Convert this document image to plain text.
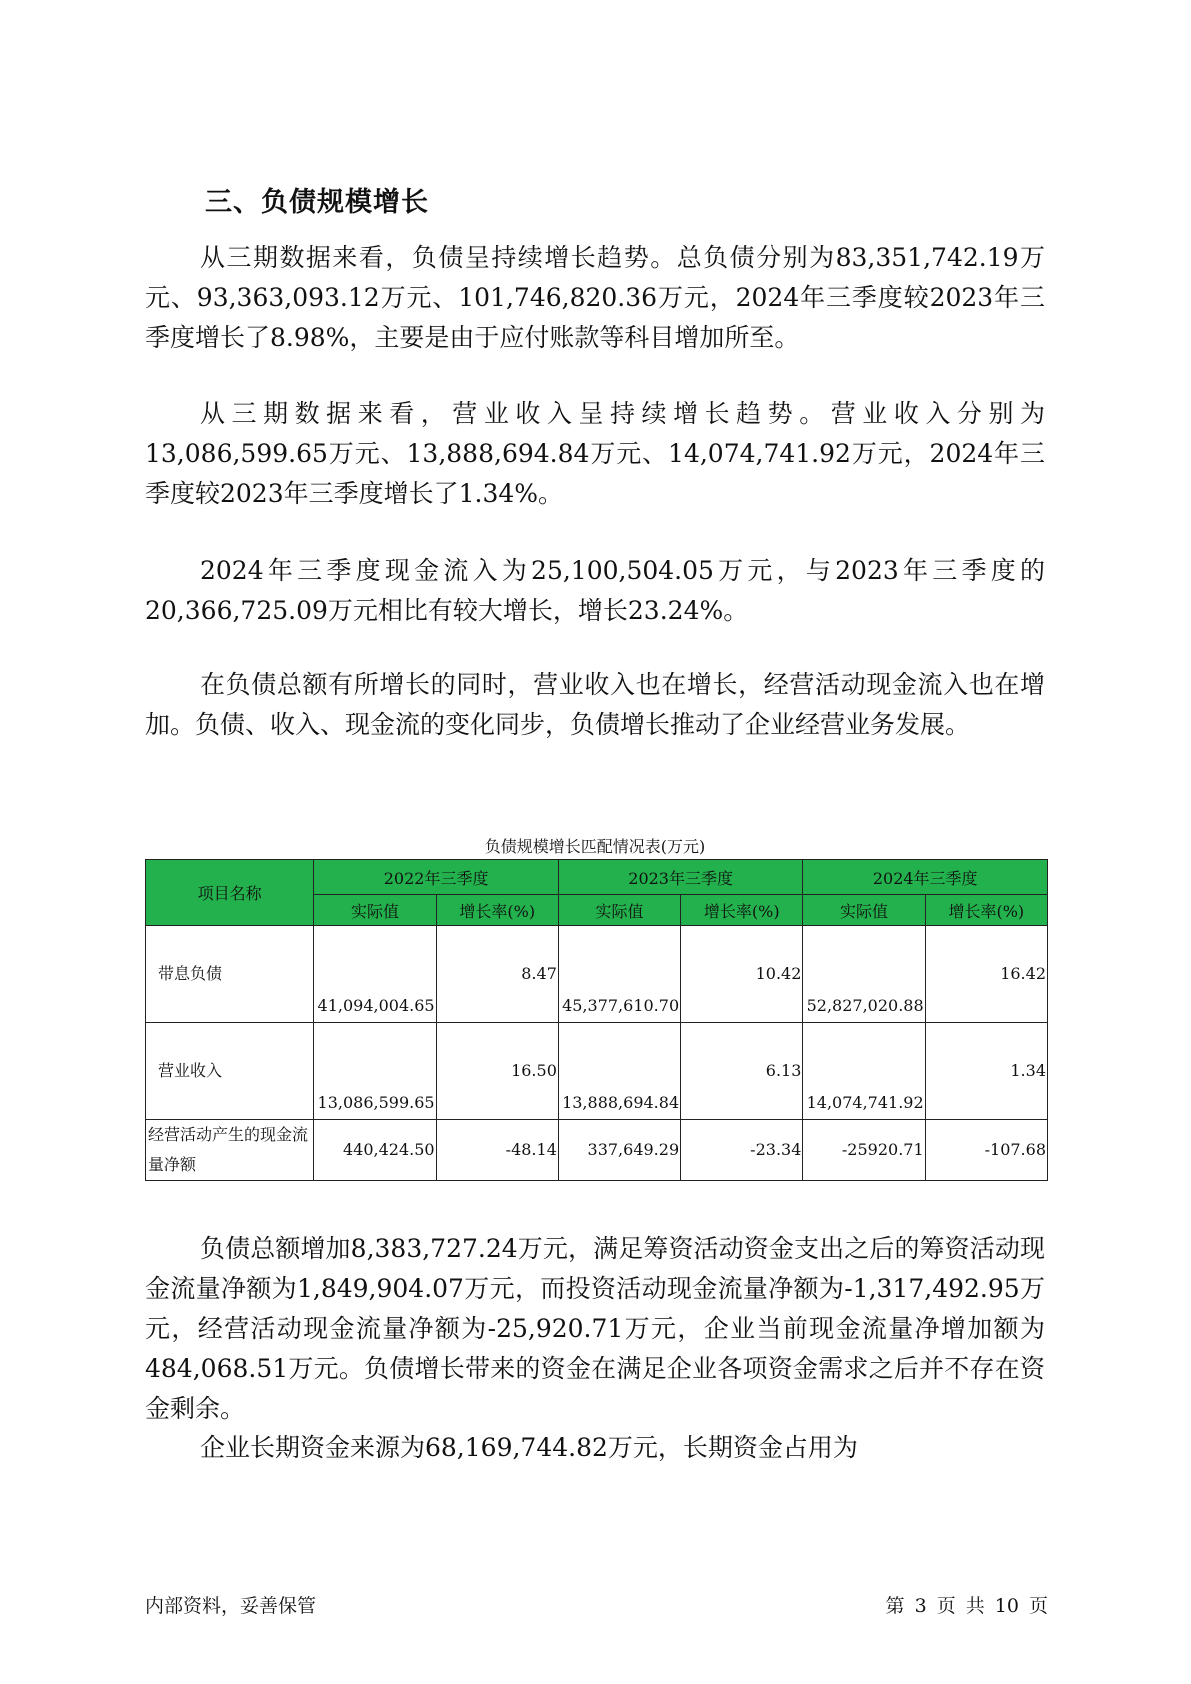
三、负债规模增长

从三期数据来看，负债呈持续增长趋势。总负债分别为83,351,742.19万元、93,363,093.12万元、101,746,820.36万元，2024年三季度较2023年三季度增长了8.98%，主要是由于应付账款等科目增加所至。

从三期数据来看，营业收入呈持续增长趋势。营业收入分别为13,086,599.65万元、13,888,694.84万元、14,074,741.92万元，2024年三季度较2023年三季度增长了1.34%。

2024年三季度现金流入为25,100,504.05万元，与2023年三季度的20,366,725.09万元相比有较大增长，增长23.24%。

在负债总额有所增长的同时，营业收入也在增长，经营活动现金流入也在增加。负债、收入、现金流的变化同步，负债增长推动了企业经营业务发展。

负债规模增长匹配情况表(万元)

项目名称	2022年三季度		2023年三季度		2024年三季度	
	实际值	增长率(%)	实际值	增长率(%)	实际值	增长率(%)
带息负债	41,094,004.65	8.47	45,377,610.70	10.42	52,827,020.88	16.42
营业收入	13,086,599.65	16.50	13,888,694.84	6.13	14,074,741.92	1.34
经营活动产生的现金流量净额	440,424.50	-48.14	337,649.29	-23.34	-25920.71	-107.68

负债总额增加8,383,727.24万元，满足筹资活动资金支出之后的筹资活动现金流量净额为1,849,904.07万元，而投资活动现金流量净额为-1,317,492.95万元，经营活动现金流量净额为-25,920.71万元，企业当前现金流量净增加额为484,068.51万元。负债增长带来的资金在满足企业各项资金需求之后并不存在资金剩余。

企业长期资金来源为68,169,744.82万元，长期资金占用为

内部资料，妥善保管	第 3 页 共 10 页
